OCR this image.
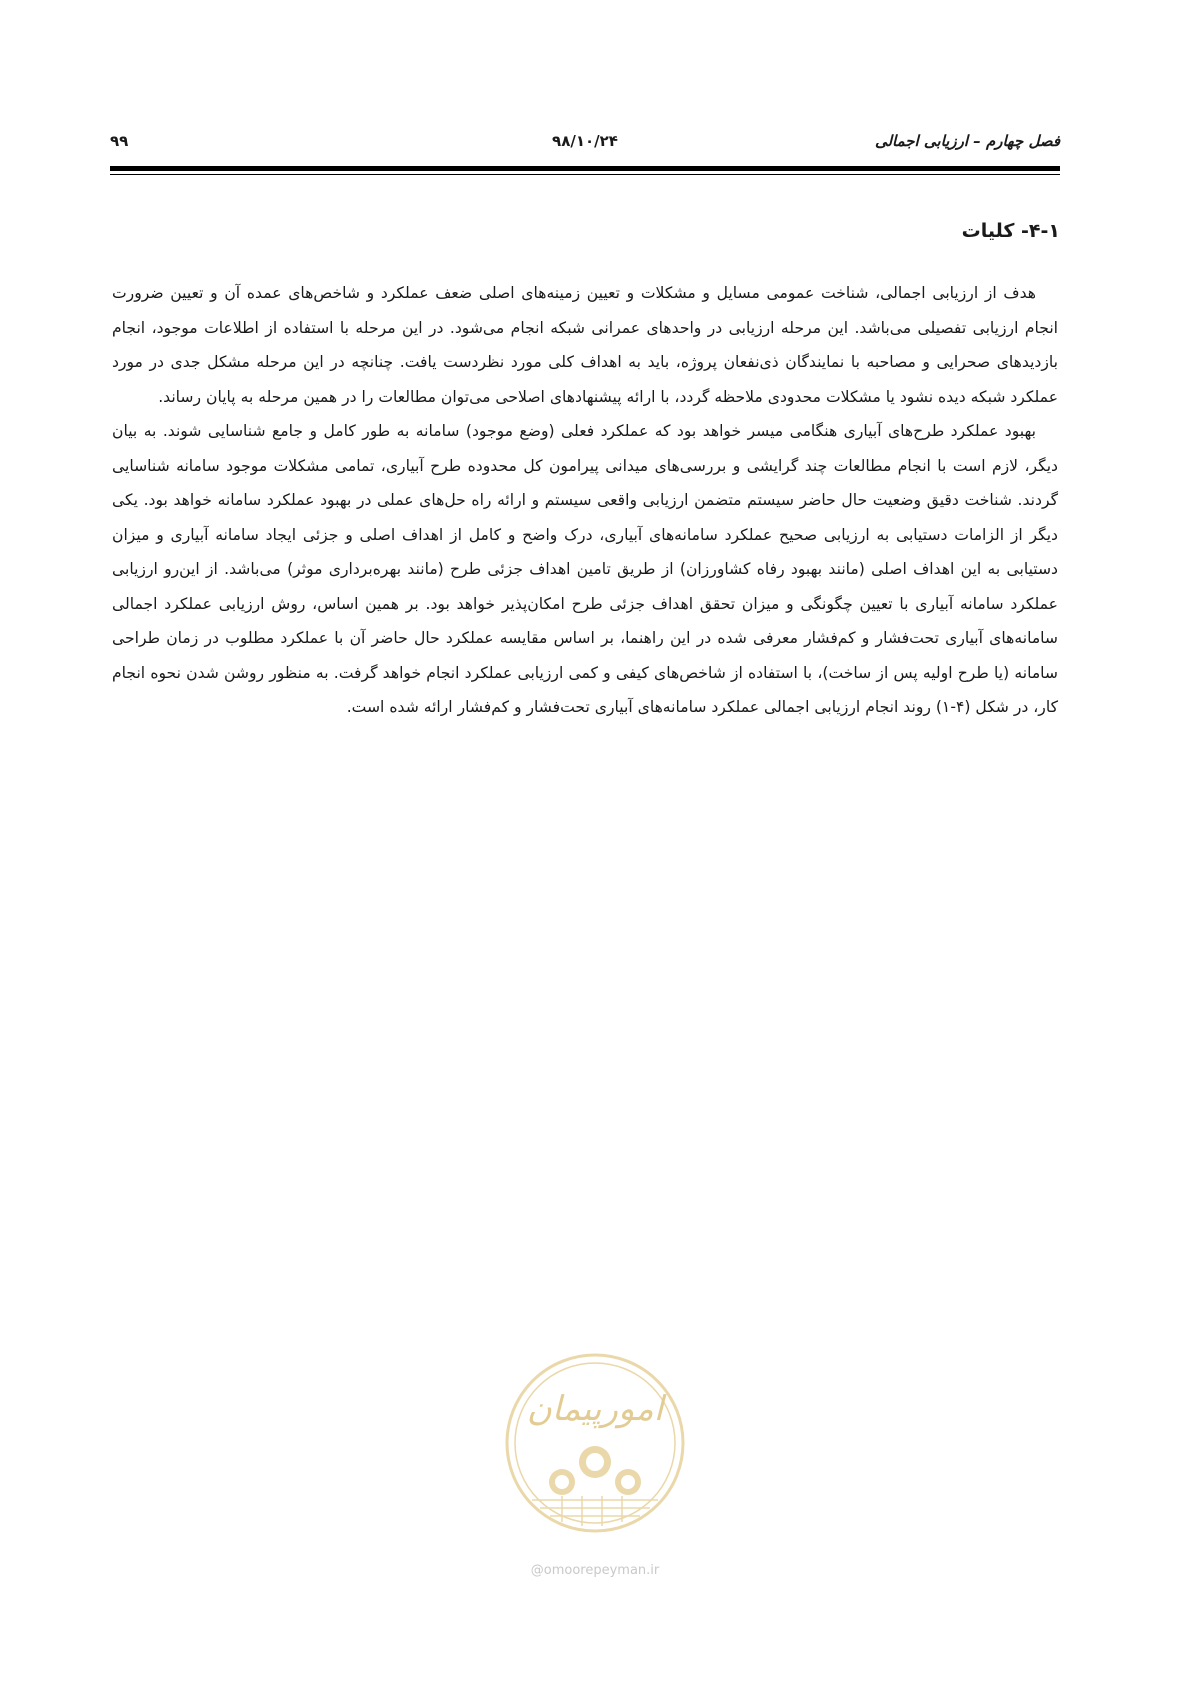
فصل چهارم – ارزیابی اجمالی
۹۸/۱۰/۲۴
۹۹
۴-۱- کلیات

هدف از ارزیابی اجمالی، شناخت عمومی مسایل و مشکلات و تعیین زمینه‌های اصلی ضعف عملکرد و شاخص‌های عمده آن و تعیین ضرورت انجام ارزیابی تفصیلی می‌باشد. این مرحله ارزیابی در واحدهای عمرانی شبکه انجام می‌شود. در این مرحله با استفاده از اطلاعات موجود، انجام بازدیدهای صحرایی و مصاحبه با نمایندگان ذی‌نفعان پروژه، باید به اهداف کلی مورد نظردست یافت. چنانچه در این مرحله مشکل جدی در مورد عملکرد شبکه دیده نشود یا مشکلات محدودی ملاحظه گردد، با ارائه پیشنهادهای اصلاحی می‌توان مطالعات را در همین مرحله به پایان رساند.

بهبود عملکرد طرح‌های آبیاری هنگامی میسر خواهد بود که عملکرد فعلی (وضع موجود) سامانه به طور کامل و جامع شناسایی شوند. به بیان دیگر، لازم است با انجام مطالعات چند گرایشی و بررسی‌های میدانی پیرامون کل محدوده طرح آبیاری، تمامی مشکلات موجود سامانه شناسایی گردند. شناخت دقیق وضعیت حال حاضر سیستم متضمن ارزیابی واقعی سیستم و ارائه راه حل‌های عملی در بهبود عملکرد سامانه خواهد بود. یکی دیگر از الزامات دستیابی به ارزیابی صحیح عملکرد سامانه‌های آبیاری، درک واضح و کامل از اهداف اصلی و جزئی ایجاد سامانه آبیاری و میزان دستیابی به این اهداف اصلی (مانند بهبود رفاه کشاورزان) از طریق تامین اهداف جزئی طرح (مانند بهره‌برداری موثر) می‌باشد. از این‌رو ارزیابی عملکرد سامانه آبیاری با تعیین چگونگی و میزان تحقق اهداف جزئی طرح امکان‌پذیر خواهد بود. بر همین اساس، روش ارزیابی عملکرد اجمالی سامانه‌های آبیاری تحت‌فشار و کم‌فشار معرفی شده در این راهنما، بر اساس مقایسه عملکرد حال حاضر آن با عملکرد مطلوب در زمان طراحی سامانه (یا طرح اولیه پس از ساخت)، با استفاده از شاخص‌های کیفی و کمی ارزیابی عملکرد انجام خواهد گرفت. به منظور روشن شدن نحوه انجام کار، در شکل (۴-۱) روند انجام ارزیابی اجمالی عملکرد سامانه‌های آبیاری تحت‌فشار و کم‌فشار ارائه شده است.

امورپیمان
@omoorepeyman.ir
